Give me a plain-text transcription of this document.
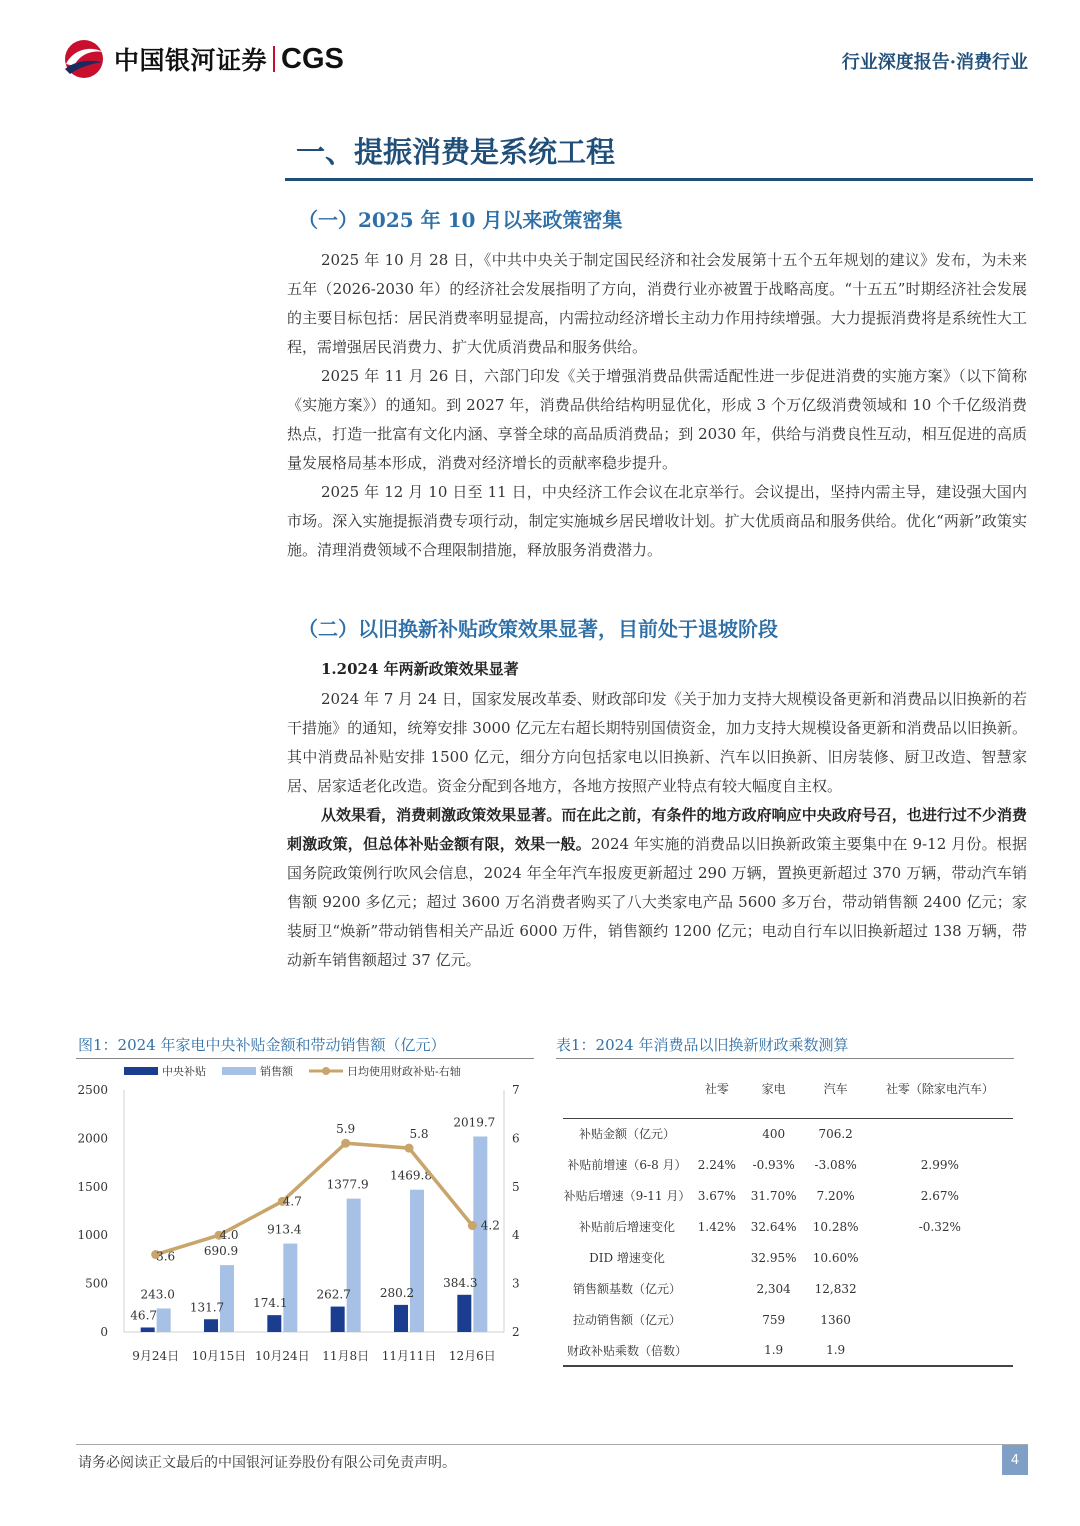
中国银河证券 CGS	行业深度报告·消费行业
一、提振消费是系统工程
（一）2025 年 10 月以来政策密集

2025 年 10 月 28 日，《中共中央关于制定国民经济和社会发展第十五个五年规划的建议》发布，为未来五年（2026-2030 年）的经济社会发展指明了方向，消费行业亦被置于战略高度。“十五五”时期经济社会发展的主要目标包括：居民消费率明显提高，内需拉动经济增长主动力作用持续增强。大力提振消费将是系统性大工程，需增强居民消费力、扩大优质消费品和服务供给。

2025 年 11 月 26 日，六部门印发《关于增强消费品供需适配性进一步促进消费的实施方案》（以下简称《实施方案》）的通知。到 2027 年，消费品供给结构明显优化，形成 3 个万亿级消费领域和 10 个千亿级消费热点，打造一批富有文化内涵、享誉全球的高品质消费品；到 2030 年，供给与消费良性互动，相互促进的高质量发展格局基本形成，消费对经济增长的贡献率稳步提升。

2025 年 12 月 10 日至 11 日，中央经济工作会议在北京举行。会议提出，坚持内需主导，建设强大国内市场。深入实施提振消费专项行动，制定实施城乡居民增收计划。扩大优质商品和服务供给。优化“两新”政策实施。清理消费领域不合理限制措施，释放服务消费潜力。

（二）以旧换新补贴政策效果显著，目前处于退坡阶段
1.2024 年两新政策效果显著

2024 年 7 月 24 日，国家发展改革委、财政部印发《关于加力支持大规模设备更新和消费品以旧换新的若干措施》的通知，统筹安排 3000 亿元左右超长期特别国债资金，加力支持大规模设备更新和消费品以旧换新。其中消费品补贴安排 1500 亿元，细分方向包括家电以旧换新、汽车以旧换新、旧房装修、厨卫改造、智慧家居、居家适老化改造。资金分配到各地方，各地方按照产业特点有较大幅度自主权。

从效果看，消费刺激政策效果显著。而在此之前，有条件的地方政府响应中央政府号召，也进行过不少消费刺激政策，但总体补贴金额有限，效果一般。2024 年实施的消费品以旧换新政策主要集中在 9-12 月份。根据国务院政策例行吹风会信息，2024 年全年汽车报废更新超过 290 万辆，置换更新超过 370 万辆，带动汽车销售额 9200 多亿元；超过 3600 万名消费者购买了八大类家电产品 5600 多万台，带动销售额 2400 亿元；家装厨卫“焕新”带动销售相关产品近 6000 万件，销售额约 1200 亿元；电动自行车以旧换新超过 138 万辆，带动新车销售额超过 37 亿元。

图1：2024 年家电中央补贴金额和带动销售额（亿元）
0
500
1000
1500
2000
2500
2
3
4
5
6
7
9月24日 10月15日 10月24日 11月8日 11月11日 12月6日
46.7
243.0
131.7
690.9
174.1
913.4
262.7
1377.9
280.2
1469.8
384.3
2019.7
3.6
4.0
4.7
5.9	5.8
4.2
中央补贴	销售额	日均使用财政补贴-右轴
表1：2024 年消费品以旧换新财政乘数测算
	社零	家电	汽车	社零（除家电汽车）
补贴金额（亿元）		400	706.2	
补贴前增速（6-8 月）	2.24%	-0.93%	-3.08%	2.99%
补贴后增速（9-11 月）	3.67%	31.70%	7.20%	2.67%
补贴前后增速变化	1.42%	32.64%	10.28%	-0.32%
DID 增速变化		32.95%	10.60%	
销售额基数（亿元）		2,304	12,832	
拉动销售额（亿元）		759	1360	
财政补贴乘数（倍数）		1.9	1.9	
请务必阅读正文最后的中国银河证券股份有限公司免责声明。	4
